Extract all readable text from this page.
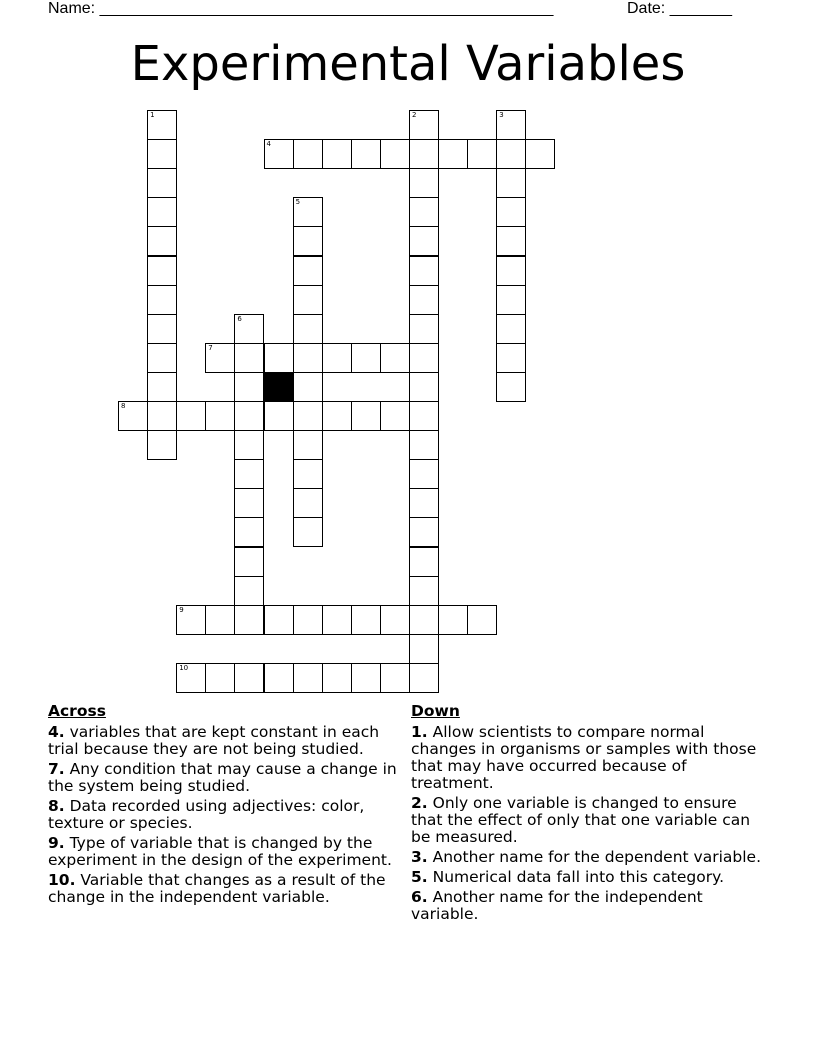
Name: ___________________________________________________	Date: _______
Experimental Variables
1	2	3
4
5
6
7
8
9
10
Across
4. variables that are kept constant in each trial because they are not being studied.
7. Any condition that may cause a change in the system being studied.
8. Data recorded using adjectives: color, texture or species.
9. Type of variable that is changed by the experiment in the design of the experiment.
10. Variable that changes as a result of the change in the independent variable.
Down
1. Allow scientists to compare normal changes in organisms or samples with those that may have occurred because of treatment.
2. Only one variable is changed to ensure that the effect of only that one variable can be measured.
3. Another name for the dependent variable.
5. Numerical data fall into this category.
6. Another name for the independent variable.
